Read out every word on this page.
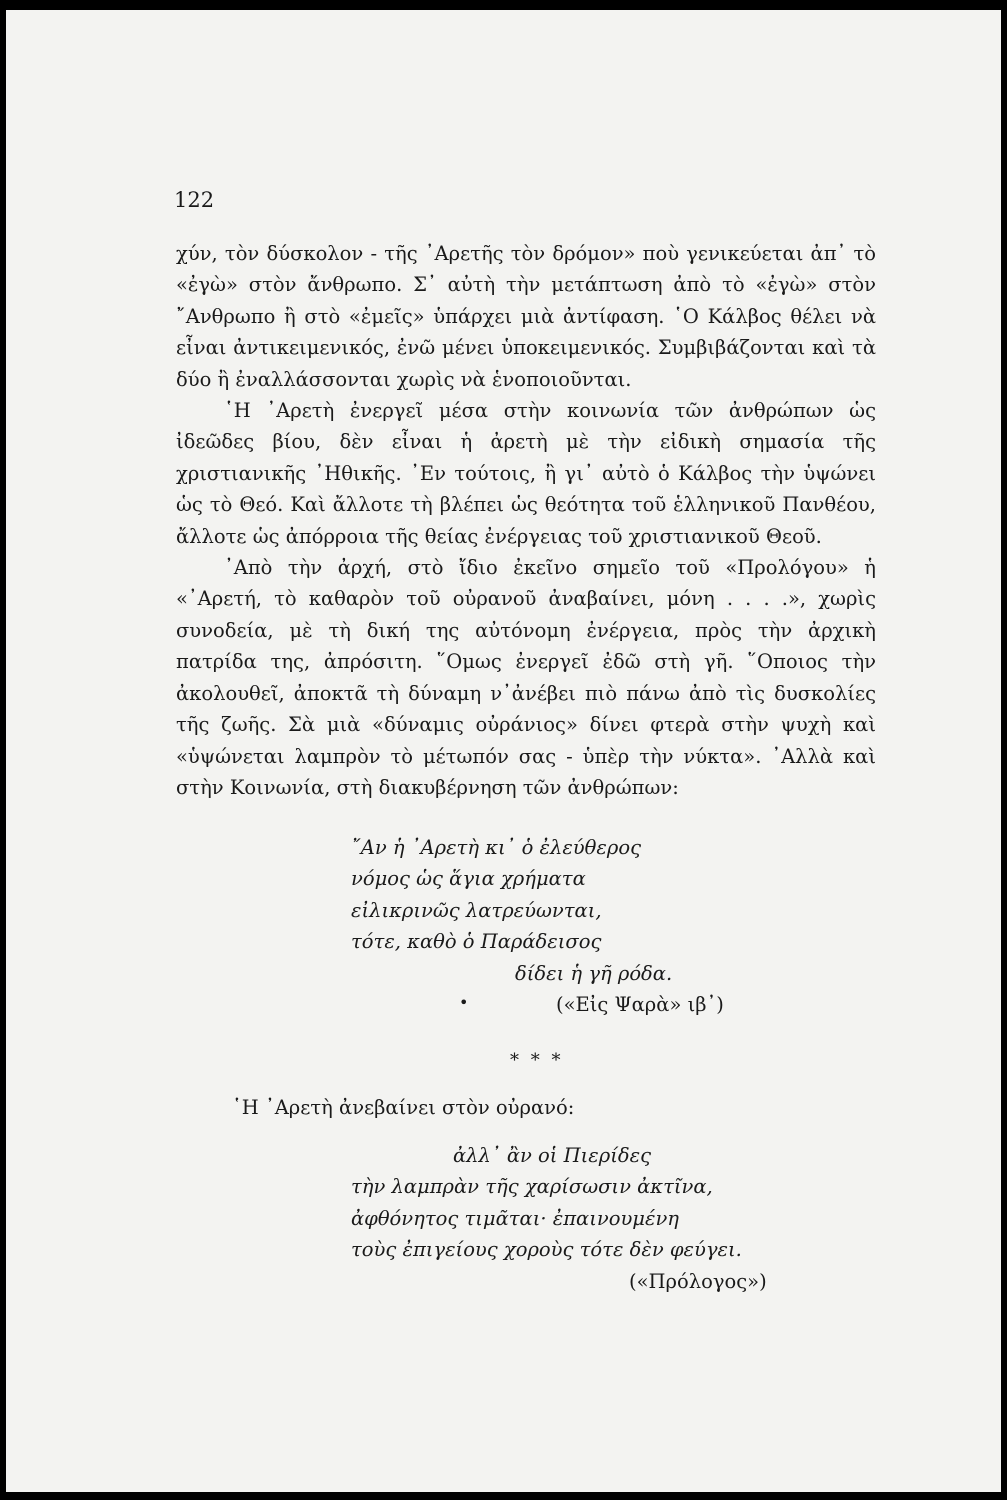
122

χύν, τὸν δύσκολον - τῆς ᾿Αρετῆς τὸν δρόμον» ποὺ γενικεύεται ἀπ᾽ τὸ «ἐγὼ» στὸν ἄνθρωπο. Σ᾽ αὐτὴ τὴν μετάπτωση ἀπὸ τὸ «ἐγὼ» στὸν ῎Ανθρωπο ἢ στὸ «ἐμεῖς» ὑπάρχει μιὰ ἀντίφαση. ῾Ο Κάλβος θέλει νὰ εἶναι ἀντικειμενικός, ἐνῶ μένει ὑποκειμενικός. Συμβιβάζονται καὶ τὰ δύο ἢ ἐναλλάσσονται χωρὶς νὰ ἑνοποιοῦνται.

῾Η ᾿Αρετὴ ἐνεργεῖ μέσα στὴν κοινωνία τῶν ἀνθρώπων ὡς ἰδεῶδες βίου, δὲν εἶναι ἡ ἀρετὴ μὲ τὴν εἰδικὴ σημασία τῆς χριστιανικῆς ᾿Ηθικῆς. ᾿Εν τούτοις, ἢ γι᾽ αὐτὸ ὁ Κάλβος τὴν ὑψώνει ὡς τὸ Θεό. Καὶ ἄλλοτε τὴ βλέπει ὡς θεότητα τοῦ ἑλληνικοῦ Πανθέου, ἄλλοτε ὡς ἀπόρροια τῆς θείας ἐνέργειας τοῦ χριστιανικοῦ Θεοῦ.

᾿Απὸ τὴν ἀρχή, στὸ ἴδιο ἐκεῖνο σημεῖο τοῦ «Προλόγου» ἡ «᾿Αρετή, τὸ καθαρὸν τοῦ οὐρανοῦ ἀναβαίνει, μόνη . . . .», χωρὶς συνοδεία, μὲ τὴ δική της αὐτόνομη ἐνέργεια, πρὸς τὴν ἀρχικὴ πατρίδα της, ἀπρόσιτη. ῞Ομως ἐνεργεῖ ἐδῶ στὴ γῆ. ῞Οποιος τὴν ἀκολουθεῖ, ἀποκτᾶ τὴ δύναμη ν᾽ἀνέβει πιὸ πάνω ἀπὸ τὶς δυσκολίες τῆς ζωῆς. Σὰ μιὰ «δύναμις οὐράνιος» δίνει φτερὰ στὴν ψυχὴ καὶ «ὑψώνεται λαμπρὸν τὸ μέτωπόν σας - ὑπὲρ τὴν νύκτα». ᾿Αλλὰ καὶ στὴν Κοινωνία, στὴ διακυβέρνηση τῶν ἀνθρώπων:

῎Αν ἡ ᾿Αρετὴ κι᾽ ὁ ἐλεύθερος
νόμος ὡς ἅγια χρήματα
εἰλικρινῶς λατρεύωνται,
τότε, καθὸ ὁ Παράδεισος
δίδει ἡ γῆ ρόδα.
(«Εἰς Ψαρὰ» ιβ᾽)
•
* * *
῾Η ᾿Αρετὴ ἀνεβαίνει στὸν οὐρανό:
ἀλλ᾽ ἂν οἱ Πιερίδες
τὴν λαμπρὰν τῆς χαρίσωσιν ἀκτῖνα,
ἀφθόνητος τιμᾶται· ἐπαινουμένη
τοὺς ἐπιγείους χοροὺς τότε δὲν φεύγει.
(«Πρόλογος»)
